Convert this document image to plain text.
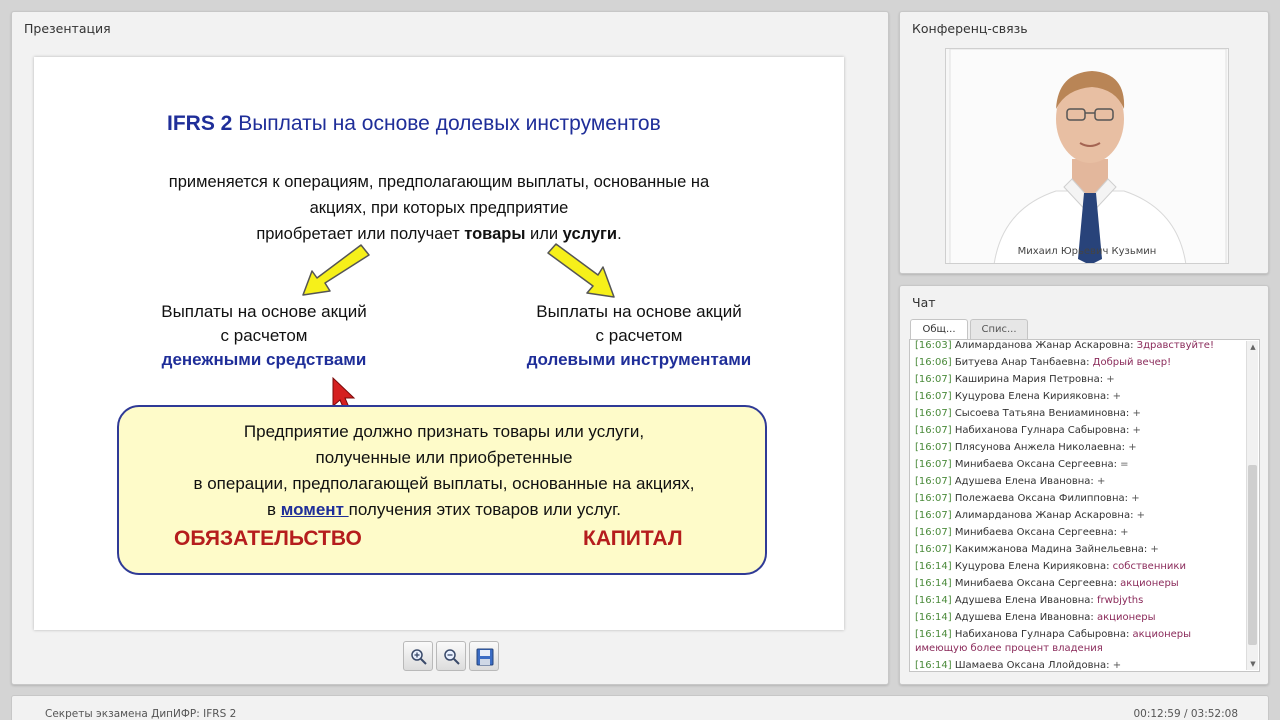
Презентация
IFRS 2 Выплаты на основе долевых инструментов
применяется к операциям, предполагающим выплаты, основанные на
акциях, при которых предприятие
приобретает или получает товары или услуги.
Выплаты на основе акций
с расчетом
денежными средствами
Выплаты на основе акций
с расчетом
долевыми инструментами
Предприятие должно признать товары или услуги,
полученные или приобретенные
в операции, предполагающей выплаты, основанные на акциях,
в момент получения этих товаров или услуг.
ОБЯЗАТЕЛЬСТВО	КАПИТАЛ
Конференц-связь
Михаил Юрьевич Кузьмин
Чат
Общ...	Спис...
[16:03] Алимарданова Жанар Аскаровна: Здравствуйте!
[16:06] Битуева Анар Танбаевна: Добрый вечер!
[16:07] Каширина Мария Петровна: +
[16:07] Куцурова Елена Кирияковна: +
[16:07] Сысоева Татьяна Вениаминовна: +
[16:07] Набиханова Гулнара Сабыровна: +
[16:07] Плясунова Анжела Николаевна: +
[16:07] Минибаева Оксана Сергеевна: =
[16:07] Адушева Елена Ивановна: +
[16:07] Полежаева Оксана Филипповна: +
[16:07] Алимарданова Жанар Аскаровна: +
[16:07] Минибаева Оксана Сергеевна: +
[16:07] Какимжанова Мадина Зайнельевна: +
[16:14] Куцурова Елена Кирияковна: собственники
[16:14] Минибаева Оксана Сергеевна: акционеры
[16:14] Адушева Елена Ивановна: frwbjyths
[16:14] Адушева Елена Ивановна: акционеры
[16:14] Набиханова Гулнара Сабыровна: акционеры имеющую более процент владения
[16:14] Шамаева Оксана Ллойдовна: +
▲
▼
Секреты экзамена ДипИФР: IFRS 2	00:12:59 / 03:52:08
